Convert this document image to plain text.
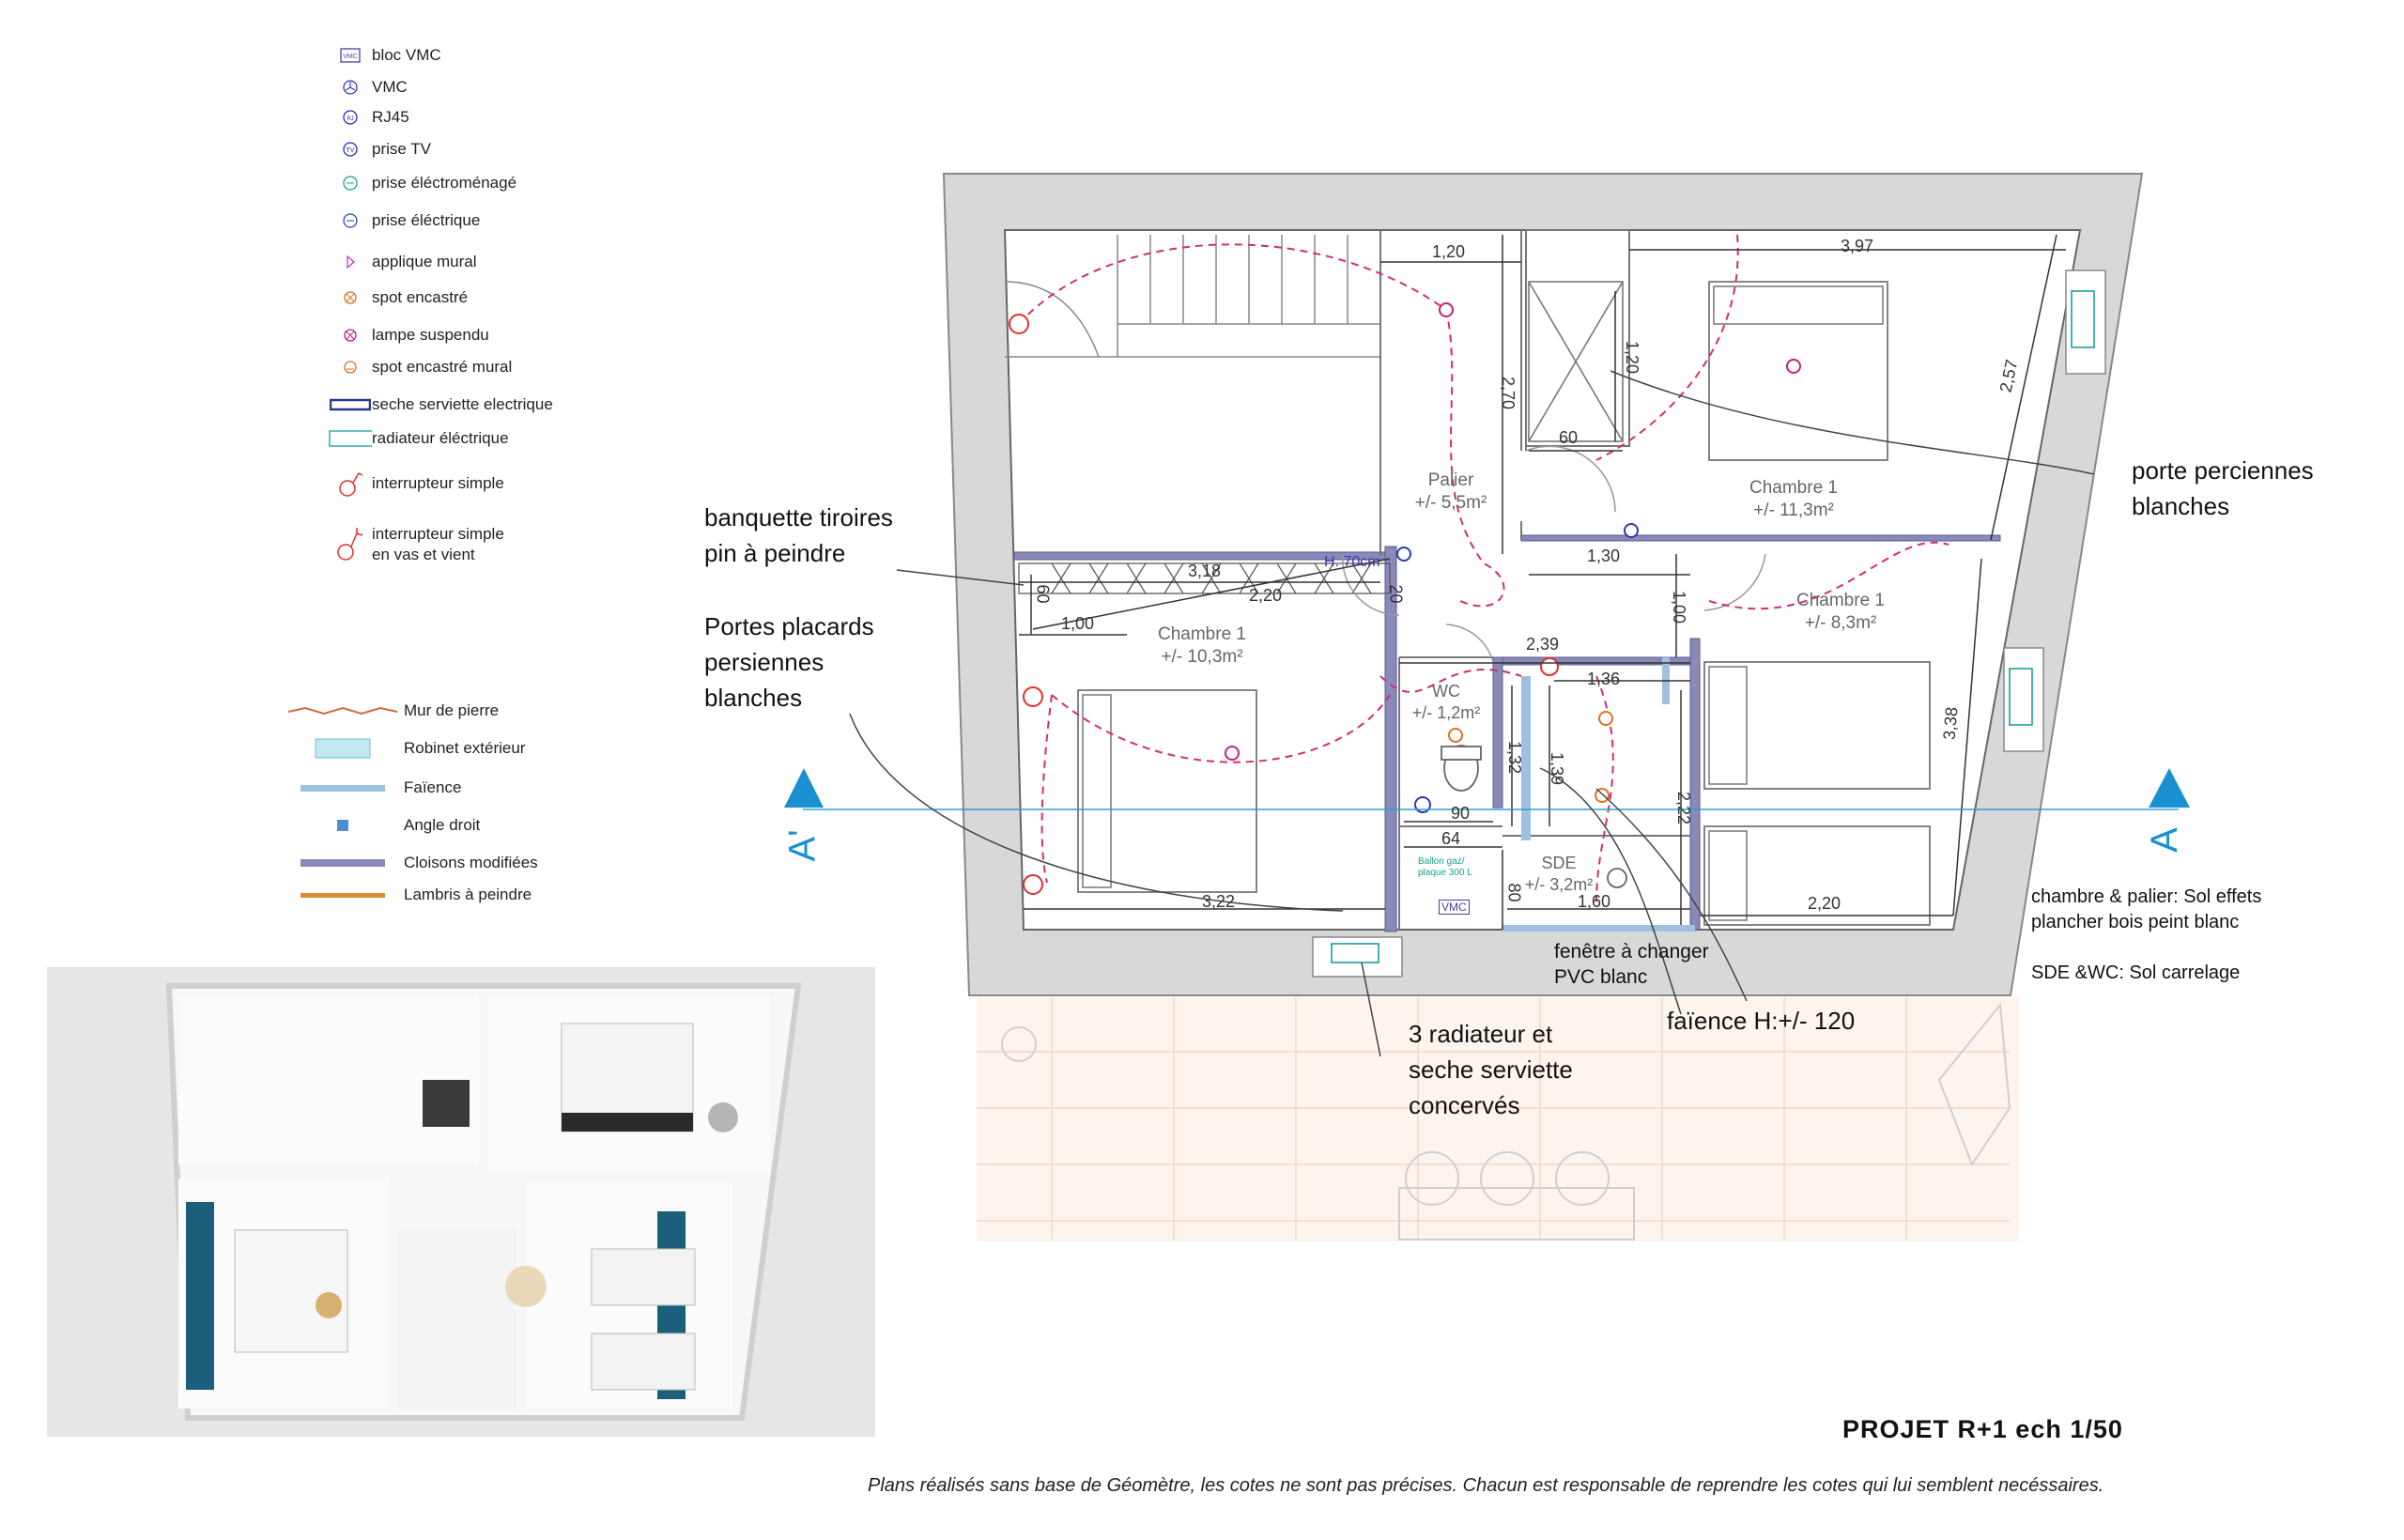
Palier
+/- 5,5m²
Chambre 1
+/- 11,3m²
Chambre 1
+/- 10,3m²
Chambre 1
+/- 8,3m²
WC
+/- 1,2m²
SDE
+/- 3,2m²
1,20	3,97
2,70
1,20
60
2,57
1,30
3,18
2,20
60
1,00	1,00
2,39
1,36
1,32 1,39
2,22
90
64
80	1,60
3,22	2,20
3,38
20
H. 70cm
VMC
Ballon gaz/ plaque 300 L
A'	A
VMC bloc VMC
VMC
RJ RJ45
TV prise TV
prise éléctroménagé
prise éléctrique
applique mural
spot encastré
lampe suspendu
spot encastré mural
seche serviette electrique
radiateur éléctrique
interrupteur simple
interrupteur simple
en vas et vient
Mur de pierre
Robinet extérieur
Faïence
Angle droit
Cloisons modifiées
Lambris à peindre
banquette tiroires
pin à peindre
Portes placards
persiennes
blanches
porte perciennes
blanches
fenêtre à changer
PVC blanc
3 radiateur et
seche serviette
concervés
faïence H:+/- 120
chambre & palier: Sol effets
plancher bois peint blanc

SDE &WC: Sol carrelage
PROJET R+1 ech 1/50
Plans réalisés sans base de Géomètre, les cotes ne sont pas précises. Chacun est responsable de reprendre les cotes qui lui semblent necéssaires.
